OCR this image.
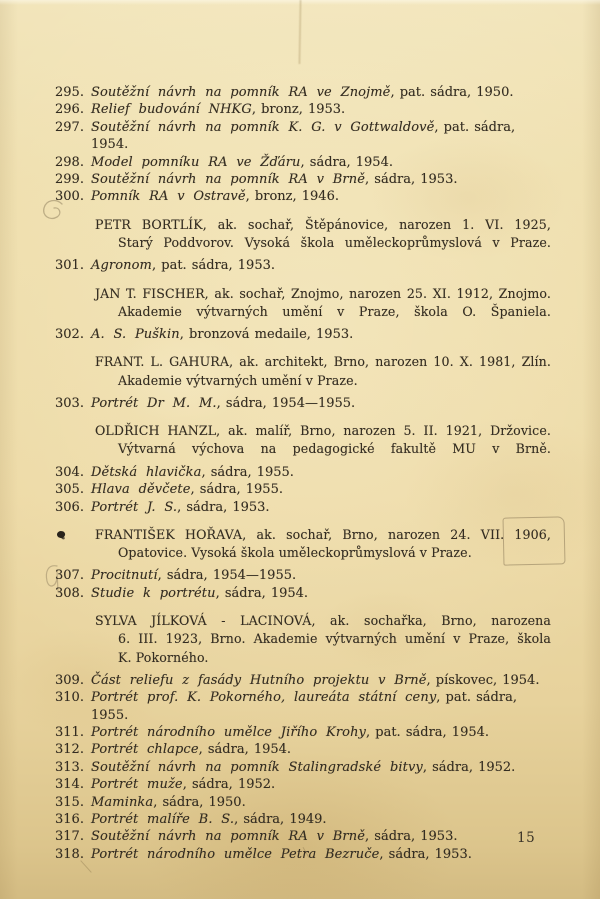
295. Soutěžní návrh na pomník RA ve Znojmě, pat. sádra, 1950.
296. Relief budování NHKG, bronz, 1953.
297. Soutěžní návrh na pomník K. G. v Gottwaldově, pat. sádra, 1954.
298. Model pomníku RA ve Žďáru, sádra, 1954.
299. Soutěžní návrh na pomník RA v Brně, sádra, 1953.
300. Pomník RA v Ostravě, bronz, 1946.
PETR BORTLÍK, ak. sochař, Štěpánovice, narozen 1. VI. 1925,
Starý Poddvorov. Vysoká škola uměleckoprůmyslová v Praze.
301. Agronom, pat. sádra, 1953.
JAN T. FISCHER, ak. sochař, Znojmo, narozen 25. XI. 1912, Znojmo.
Akademie výtvarných umění v Praze, škola O. Španiela.
302. A. S. Puškin, bronzová medaile, 1953.
FRANT. L. GAHURA, ak. architekt, Brno, narozen 10. X. 1981, Zlín.
Akademie výtvarných umění v Praze.
303. Portrét Dr M. M., sádra, 1954—1955.
OLDŘICH HANZL, ak. malíř, Brno, narozen 5. II. 1921, Držovice.
Výtvarná výchova na pedagogické fakultě MU v Brně.
304. Dětská hlavička, sádra, 1955.
305. Hlava děvčete, sádra, 1955.
306. Portrét J. S., sádra, 1953.
FRANTIŠEK HOŘAVA, ak. sochař, Brno, narozen 24. VII. 1906,
Opatovice. Vysoká škola uměleckoprůmyslová v Praze.
307. Procitnutí, sádra, 1954—1955.
308. Studie k portrétu, sádra, 1954.
SYLVA JÍLKOVÁ - LACINOVÁ, ak. sochařka, Brno, narozena
6. III. 1923, Brno. Akademie výtvarných umění v Praze, škola
K. Pokorného.
309. Část reliefu z fasády Hutního projektu v Brně, pískovec, 1954.
310. Portrét prof. K. Pokorného, laureáta státní ceny, pat. sádra, 1955.
311. Portrét národního umělce Jiřího Krohy, pat. sádra, 1954.
312. Portrét chlapce, sádra, 1954.
313. Soutěžní návrh na pomník Stalingradské bitvy, sádra, 1952.
314. Portrét muže, sádra, 1952.
315. Maminka, sádra, 1950.
316. Portrét malíře B. S., sádra, 1949.
317. Soutěžní návrh na pomník RA v Brně, sádra, 1953.
318. Portrét národního umělce Petra Bezruče, sádra, 1953.
15
